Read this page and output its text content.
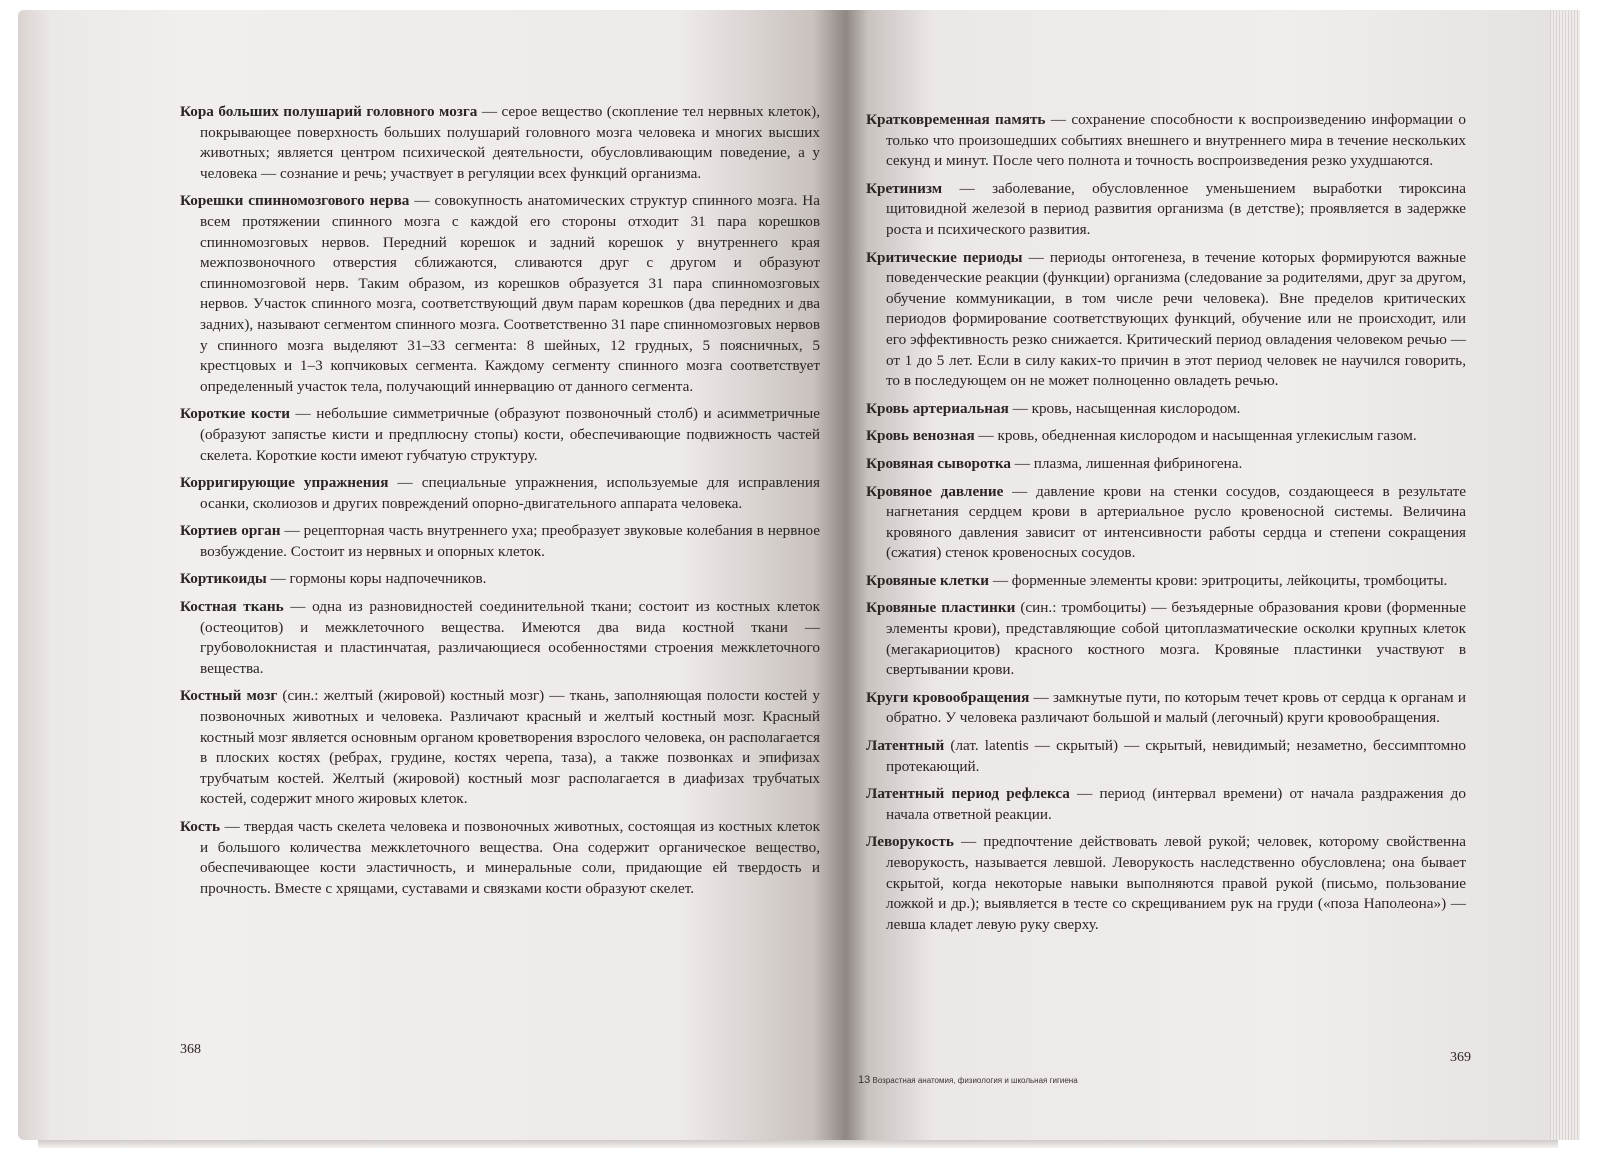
Кора больших полушарий головного мозга — серое вещество (скопление тел нервных клеток), покрывающее поверхность больших полушарий головного мозга человека и многих высших животных; является центром психической деятельности, обусловливающим поведение, а у человека — сознание и речь; участвует в регуляции всех функций организма.

Корешки спинномозгового нерва — совокупность анатомических структур спинного мозга. На всем протяжении спинного мозга с каждой его стороны отходит 31 пара корешков спинномозговых нервов. Передний корешок и задний корешок у внутреннего края межпозвоночного отверстия сближаются, сливаются друг с другом и образуют спинномозговой нерв. Таким образом, из корешков образуется 31 пара спинномозговых нервов. Участок спинного мозга, соответствующий двум парам корешков (два передних и два задних), называют сегментом спинного мозга. Соответственно 31 паре спинномозговых нервов у спинного мозга выделяют 31–33 сегмента: 8 шейных, 12 грудных, 5 поясничных, 5 крестцовых и 1–3 копчиковых сегмента. Каждому сегменту спинного мозга соответствует определенный участок тела, получающий иннервацию от данного сегмента.

Короткие кости — небольшие симметричные (образуют позвоночный столб) и асимметричные (образуют запястье кисти и предплюсну стопы) кости, обеспечивающие подвижность частей скелета. Короткие кости имеют губчатую структуру.

Корригирующие упражнения — специальные упражнения, используемые для исправления осанки, сколиозов и других повреждений опорно-двигательного аппарата человека.

Кортиев орган — рецепторная часть внутреннего уха; преобразует звуковые колебания в нервное возбуждение. Состоит из нервных и опорных клеток.

Кортикоиды — гормоны коры надпочечников.

Костная ткань — одна из разновидностей соединительной ткани; состоит из костных клеток (остеоцитов) и межклеточного вещества. Имеются два вида костной ткани — грубоволокнистая и пластинчатая, различающиеся особенностями строения межклеточного вещества.

Костный мозг (син.: желтый (жировой) костный мозг) — ткань, заполняющая полости костей у позвоночных животных и человека. Различают красный и желтый костный мозг. Красный костный мозг является основным органом кроветворения взрослого человека, он располагается в плоских костях (ребрах, грудине, костях черепа, таза), а также позвонках и эпифизах трубчатым костей. Желтый (жировой) костный мозг располагается в диафизах трубчатых костей, содержит много жировых клеток.

Кость — твердая часть скелета человека и позвоночных животных, состоящая из костных клеток и большого количества межклеточного вещества. Она содержит органическое вещество, обеспечивающее кости эластичность, и минеральные соли, придающие ей твердость и прочность. Вместе с хрящами, суставами и связками кости образуют скелет.

368

Кратковременная память — сохранение способности к воспроизведению информации о только что произошедших событиях внешнего и внутреннего мира в течение нескольких секунд и минут. После чего полнота и точность воспроизведения резко ухудшаются.

Кретинизм — заболевание, обусловленное уменьшением выработки тироксина щитовидной железой в период развития организма (в детстве); проявляется в задержке роста и психического развития.

Критические периоды — периоды онтогенеза, в течение которых формируются важные поведенческие реакции (функции) организма (следование за родителями, друг за другом, обучение коммуникации, в том числе речи человека). Вне пределов критических периодов формирование соответствующих функций, обучение или не происходит, или его эффективность резко снижается. Критический период овладения человеком речью — от 1 до 5 лет. Если в силу каких-то причин в этот период человек не научился говорить, то в последующем он не может полноценно овладеть речью.

Кровь артериальная — кровь, насыщенная кислородом.

Кровь венозная — кровь, обедненная кислородом и насыщенная углекислым газом.

Кровяная сыворотка — плазма, лишенная фибриногена.

Кровяное давление — давление крови на стенки сосудов, создающееся в результате нагнетания сердцем крови в артериальное русло кровеносной системы. Величина кровяного давления зависит от интенсивности работы сердца и степени сокращения (сжатия) стенок кровеносных сосудов.

Кровяные клетки — форменные элементы крови: эритроциты, лейкоциты, тромбоциты.

Кровяные пластинки (син.: тромбоциты) — безъядерные образования крови (форменные элементы крови), представляющие собой цитоплазматические осколки крупных клеток (мегакариоцитов) красного костного мозга. Кровяные пластинки участвуют в свертывании крови.

Круги кровообращения — замкнутые пути, по которым течет кровь от сердца к органам и обратно. У человека различают большой и малый (легочный) круги кровообращения.

Латентный (лат. latentis — скрытый) — скрытый, невидимый; незаметно, бессимптомно протекающий.

Латентный период рефлекса — период (интервал времени) от начала раздражения до начала ответной реакции.

Леворукость — предпочтение действовать левой рукой; человек, которому свойственна леворукость, называется левшой. Леворукость наследственно обусловлена; она бывает скрытой, когда некоторые навыки выполняются правой рукой (письмо, пользование ложкой и др.); выявляется в тесте со скрещиванием рук на груди («поза Наполеона») — левша кладет левую руку сверху.

369
13 Возрастная анатомия, физиология и школьная гигиена
